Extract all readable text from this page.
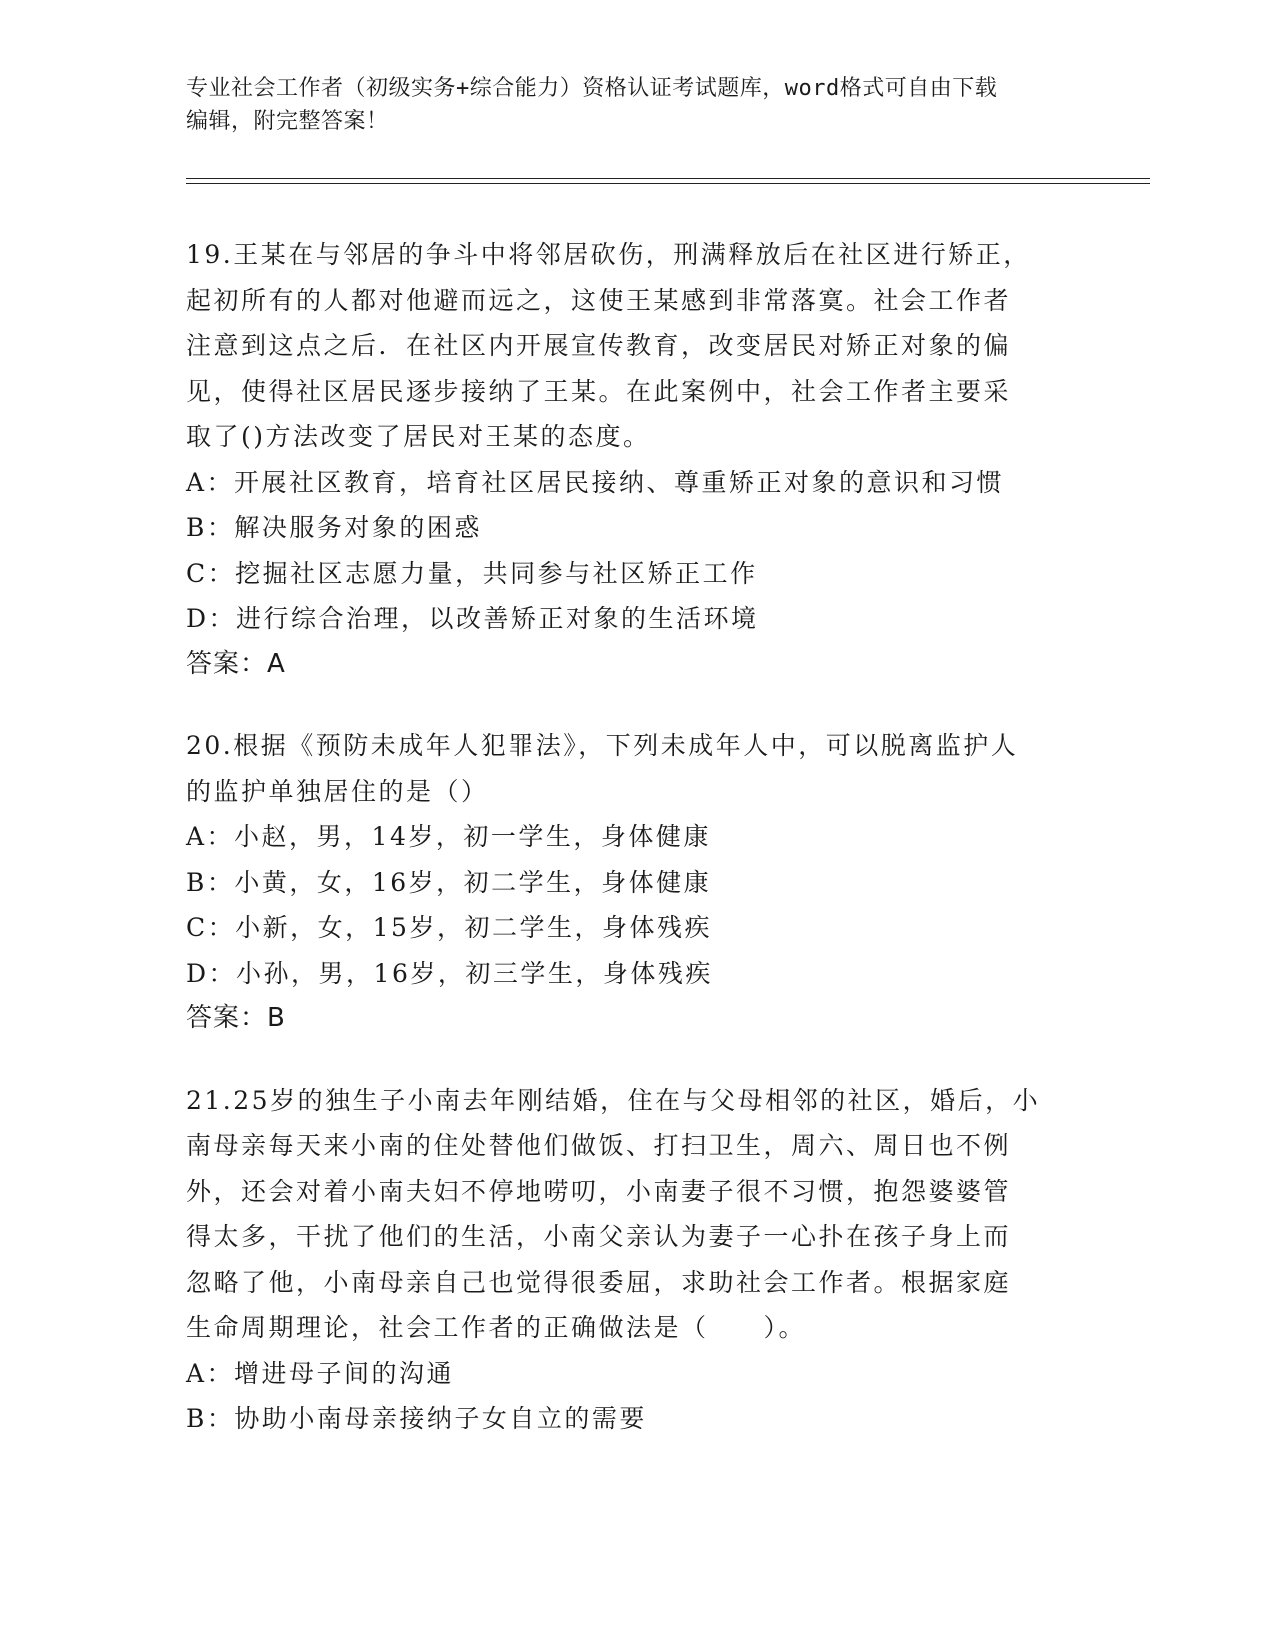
专业社会工作者（初级实务+综合能力）资格认证考试题库，word格式可自由下载
编辑，附完整答案！
19.王某在与邻居的争斗中将邻居砍伤，刑满释放后在社区进行矫正，
起初所有的人都对他避而远之，这使王某感到非常落寞。社会工作者
注意到这点之后．在社区内开展宣传教育，改变居民对矫正对象的偏
见，使得社区居民逐步接纳了王某。在此案例中，社会工作者主要采
取了()方法改变了居民对王某的态度。
A：开展社区教育，培育社区居民接纳、尊重矫正对象的意识和习惯
B：解决服务对象的困惑
C：挖掘社区志愿力量，共同参与社区矫正工作
D：进行综合治理，以改善矫正对象的生活环境
答案：A
20.根据《预防未成年人犯罪法》，下列未成年人中，可以脱离监护人
的监护单独居住的是（）
A：小赵，男，14岁，初一学生，身体健康
B：小黄，女，16岁，初二学生，身体健康
C：小新，女，15岁，初二学生，身体残疾
D：小孙，男，16岁，初三学生，身体残疾
答案：B
21.25岁的独生子小南去年刚结婚，住在与父母相邻的社区，婚后，小
南母亲每天来小南的住处替他们做饭、打扫卫生，周六、周日也不例
外，还会对着小南夫妇不停地唠叨，小南妻子很不习惯，抱怨婆婆管
得太多，干扰了他们的生活，小南父亲认为妻子一心扑在孩子身上而
忽略了他，小南母亲自己也觉得很委屈，求助社会工作者。根据家庭
生命周期理论，社会工作者的正确做法是（　　）。
A：增进母子间的沟通
B：协助小南母亲接纳子女自立的需要
